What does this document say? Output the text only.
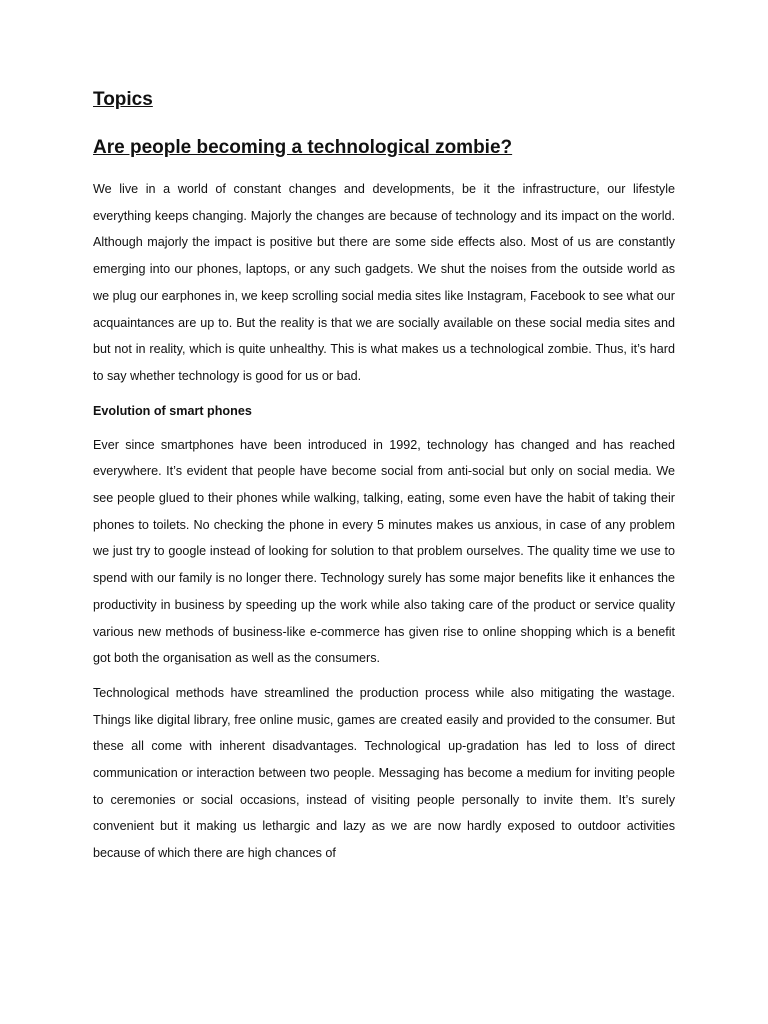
Topics
Are people becoming a technological zombie?

We live in a world of constant changes and developments, be it the infrastructure, our lifestyle everything keeps changing. Majorly the changes are because of technology and its impact on the world. Although majorly the impact is positive but there are some side effects also. Most of us are constantly emerging into our phones, laptops, or any such gadgets. We shut the noises from the outside world as we plug our earphones in, we keep scrolling social media sites like Instagram, Facebook to see what our acquaintances are up to. But the reality is that we are socially available on these social media sites and but not in reality, which is quite unhealthy. This is what makes us a technological zombie. Thus, it’s hard to say whether technology is good for us or bad.

Evolution of smart phones

Ever since smartphones have been introduced in 1992, technology has changed and has reached everywhere. It’s evident that people have become social from anti-social but only on social media. We see people glued to their phones while walking, talking, eating, some even have the habit of taking their phones to toilets. No checking the phone in every 5 minutes makes us anxious, in case of any problem we just try to google instead of looking for solution to that problem ourselves. The quality time we use to spend with our family is no longer there. Technology surely has some major benefits like it enhances the productivity in business by speeding up the work while also taking care of the product or service quality various new methods of business-like e-commerce has given rise to online shopping which is a benefit got both the organisation as well as the consumers.

Technological methods have streamlined the production process while also mitigating the wastage. Things like digital library, free online music, games are created easily and provided to the consumer. But these all come with inherent disadvantages. Technological up-gradation has led to loss of direct communication or interaction between two people. Messaging has become a medium for inviting people to ceremonies or social occasions, instead of visiting people personally to invite them. It’s surely convenient but it making us lethargic and lazy as we are now hardly exposed to outdoor activities because of which there are high chances of
